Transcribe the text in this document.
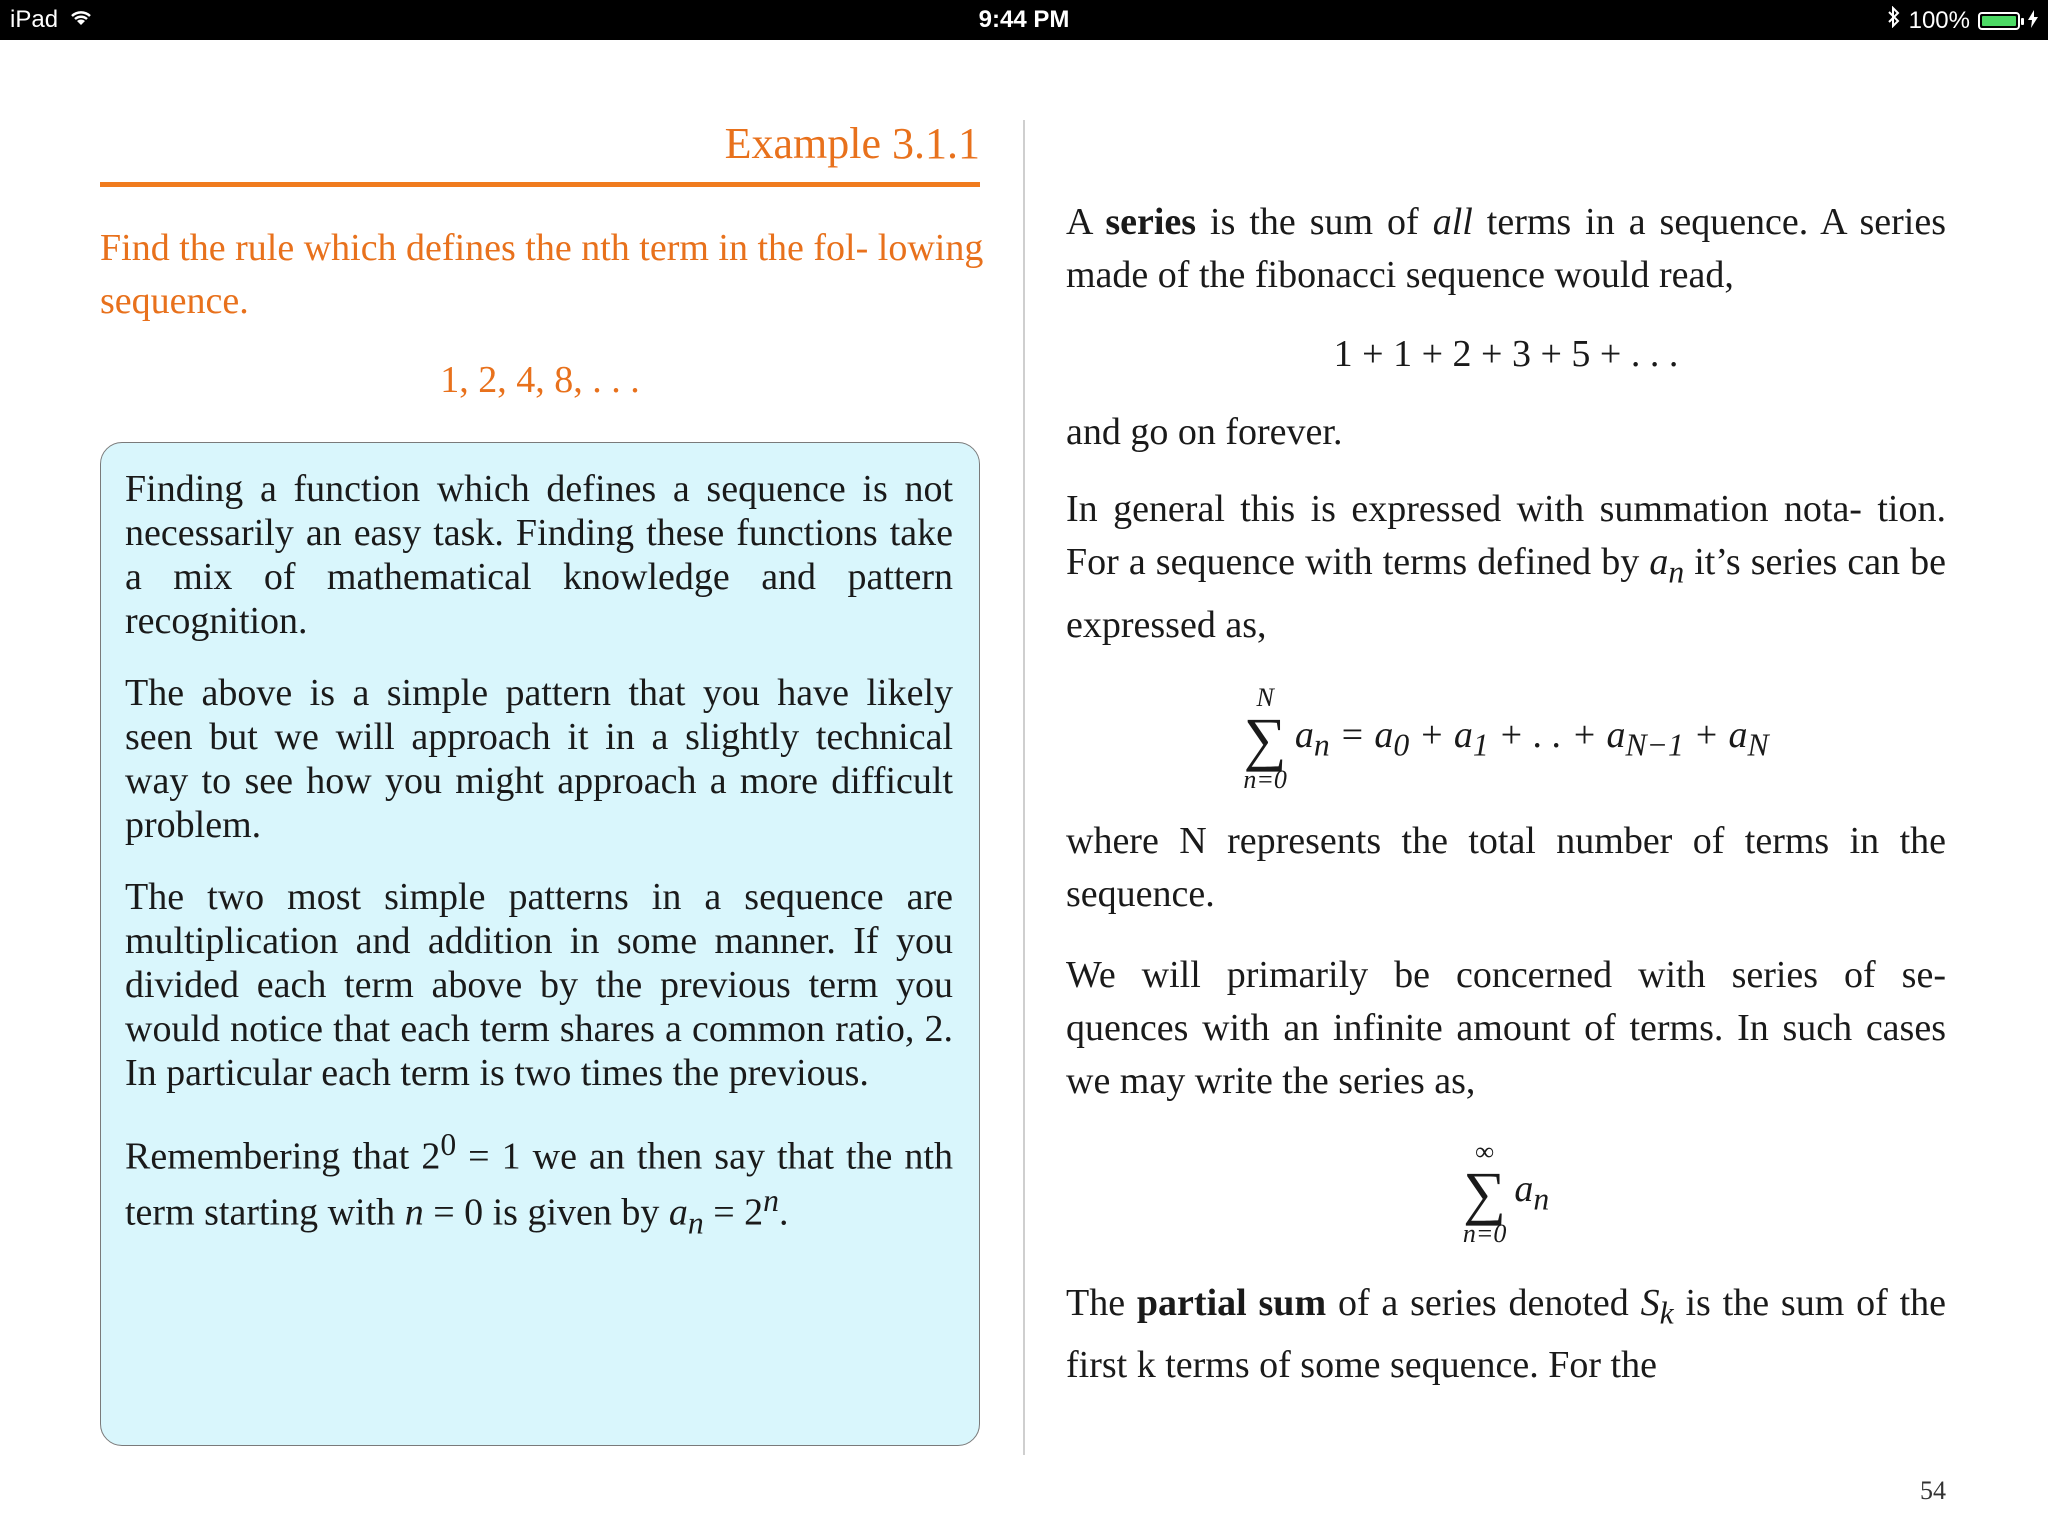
iPad	9:44 PM	100%
Example 3.1.1
Find the rule which defines the nth term in the fol- lowing sequence.
1, 2, 4, 8, . . .

Finding a function which defines a sequence is not necessarily an easy task. Finding these functions take a mix of mathematical knowledge and pattern recognition.

The above is a simple pattern that you have likely seen but we will approach it in a slightly technical way to see how you might approach a more difficult problem.

The two most simple patterns in a sequence are multiplication and addition in some manner. If you divided each term above by the previous term you would notice that each term shares a common ratio, 2. In particular each term is two times the previous.

Remembering that $2^0 = 1$ we an then say that the nth term starting with n = 0 is given by $a_n = 2^n$.

A series is the sum of all terms in a sequence. A series made of the fibonacci sequence would read,

1 + 1 + 2 + 3 + 5 + . . .

and go on forever.

In general this is expressed with summation nota- tion. For a sequence with terms defined by $a_n$ it’s series can be expressed as,

N
∑
n=0
$a_n = a_0 + a_1$ + . . + $a_{N-1} + a_N$

where N represents the total number of terms in the sequence.

We will primarily be concerned with series of se- quences with an infinite amount of terms. In such cases we may write the series as,

∞
∑
n=0
$a_n$

The partial sum of a series denoted $S_k$ is the sum of the first k terms of some sequence. For the

54
